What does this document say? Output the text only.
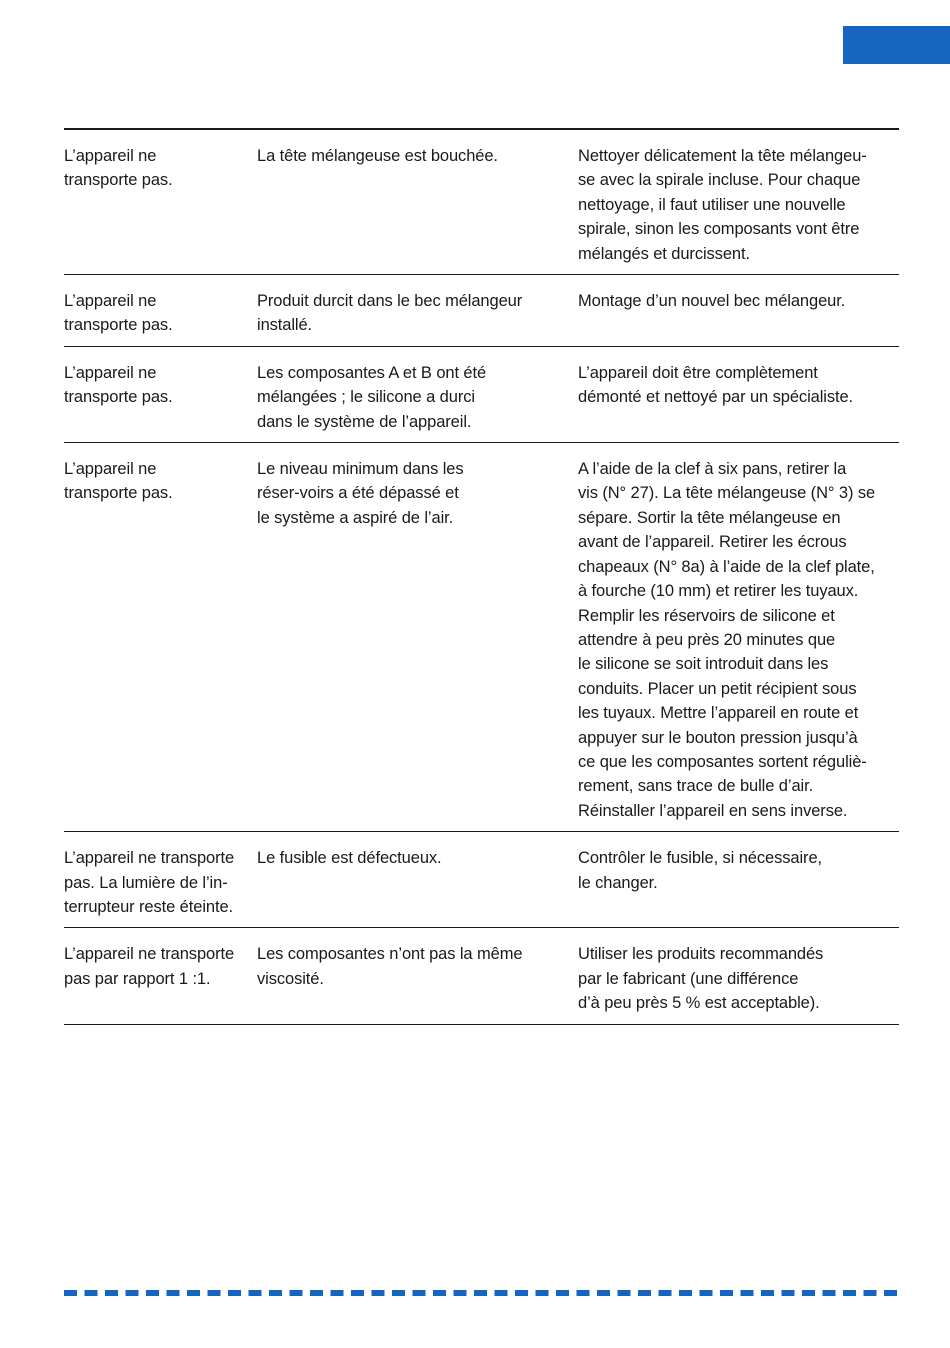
L’appareil ne
transporte pas.
La tête mélangeuse est bouchée.	Nettoyer délicatement la tête mélangeu-
se avec la spirale incluse. Pour chaque
nettoyage, il faut utiliser une nouvelle
spirale, sinon les composants vont être
mélangés et durcissent.
L’appareil ne
transporte pas.
Produit durcit dans le bec mélangeur
installé.
Montage d’un nouvel bec mélangeur.
L’appareil ne
transporte pas.
Les composantes A et B ont été
mélangées ; le silicone a durci
dans le système de l’appareil.
L’appareil doit être complètement
démonté et nettoyé par un spécialiste.
L’appareil ne
transporte pas.
Le niveau minimum dans les
réser-voirs a été dépassé et
le système a aspiré de l’air.
A l’aide de la clef à six pans, retirer la
vis (N° 27). La tête mélangeuse (N° 3) se
sépare. Sortir la tête mélangeuse en
avant de l’appareil. Retirer les écrous
chapeaux (N° 8a) à l’aide de la clef plate,
à fourche (10 mm) et retirer les tuyaux.
Remplir les réservoirs de silicone et
attendre à peu près 20 minutes que
le silicone se soit introduit dans les
conduits. Placer un petit récipient sous
les tuyaux. Mettre l’appareil en route et
appuyer sur le bouton pression jusqu’à
ce que les composantes sortent réguliè-
rement, sans trace de bulle d’air.
Réinstaller l’appareil en sens inverse.
L’appareil ne transporte
pas. La lumière de l’in-
terrupteur reste éteinte.
Le fusible est défectueux.	Contrôler le fusible, si nécessaire,
le changer.
L’appareil ne transporte
pas par rapport 1 :1.
Les composantes n’ont pas la même
viscosité.
Utiliser les produits recommandés
par le fabricant (une différence
d’à peu près 5 % est acceptable).
